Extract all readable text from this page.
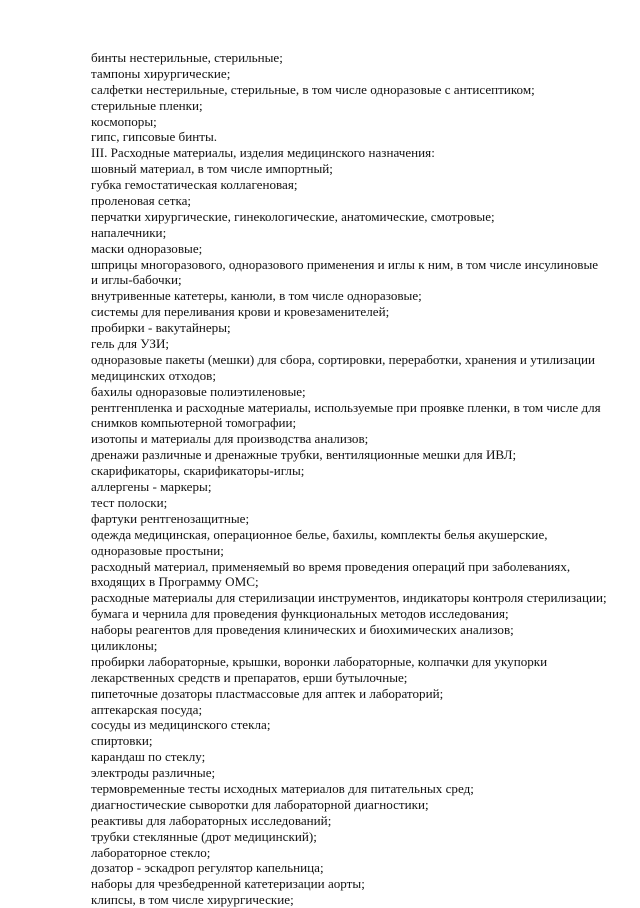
бинты нестерильные, стерильные;
тампоны хирургические;
салфетки нестерильные, стерильные, в том числе одноразовые с антисептиком;
стерильные пленки;
космопоры;
гипс, гипсовые бинты.
III. Расходные материалы, изделия медицинского назначения:
шовный материал, в том числе импортный;
губка гемостатическая коллагеновая;
проленовая сетка;
перчатки хирургические, гинекологические, анатомические, смотровые;
напалечники;
маски одноразовые;
шприцы многоразового, одноразового применения и иглы к ним, в том числе инсулиновые
и иглы-бабочки;
внутривенные катетеры, канюли, в том числе одноразовые;
системы для переливания крови и кровезаменителей;
пробирки - вакутайнеры;
гель для УЗИ;
одноразовые пакеты (мешки) для сбора, сортировки, переработки, хранения и утилизации
медицинских отходов;
бахилы одноразовые полиэтиленовые;
рентгенпленка и расходные материалы, используемые при проявке пленки, в том числе для
снимков компьютерной томографии;
изотопы и материалы для производства анализов;
дренажи различные и дренажные трубки, вентиляционные мешки для ИВЛ;
скарификаторы, скарификаторы-иглы;
аллергены - маркеры;
тест полоски;
фартуки рентгенозащитные;
одежда медицинская, операционное белье, бахилы, комплекты белья акушерские,
одноразовые простыни;
расходный материал, применяемый во время проведения операций при заболеваниях,
входящих в Программу ОМС;
расходные материалы для стерилизации инструментов, индикаторы контроля стерилизации;
бумага и чернила для проведения функциональных методов исследования;
наборы реагентов для проведения клинических и биохимических анализов;
циликлоны;
пробирки лабораторные, крышки, воронки лабораторные, колпачки для укупорки
лекарственных средств и препаратов, ерши бутылочные;
пипеточные дозаторы пластмассовые для аптек и лабораторий;
аптекарская посуда;
сосуды из медицинского стекла;
спиртовки;
карандаш по стеклу;
электроды различные;
термовременные тесты исходных материалов для питательных сред;
диагностические сыворотки для лабораторной диагностики;
реактивы для лабораторных исследований;
трубки стеклянные (дрот медицинский);
лабораторное стекло;
дозатор - эскадроп регулятор капельница;
наборы для чрезбедренной катетеризации аорты;
клипсы, в том числе хирургические;
